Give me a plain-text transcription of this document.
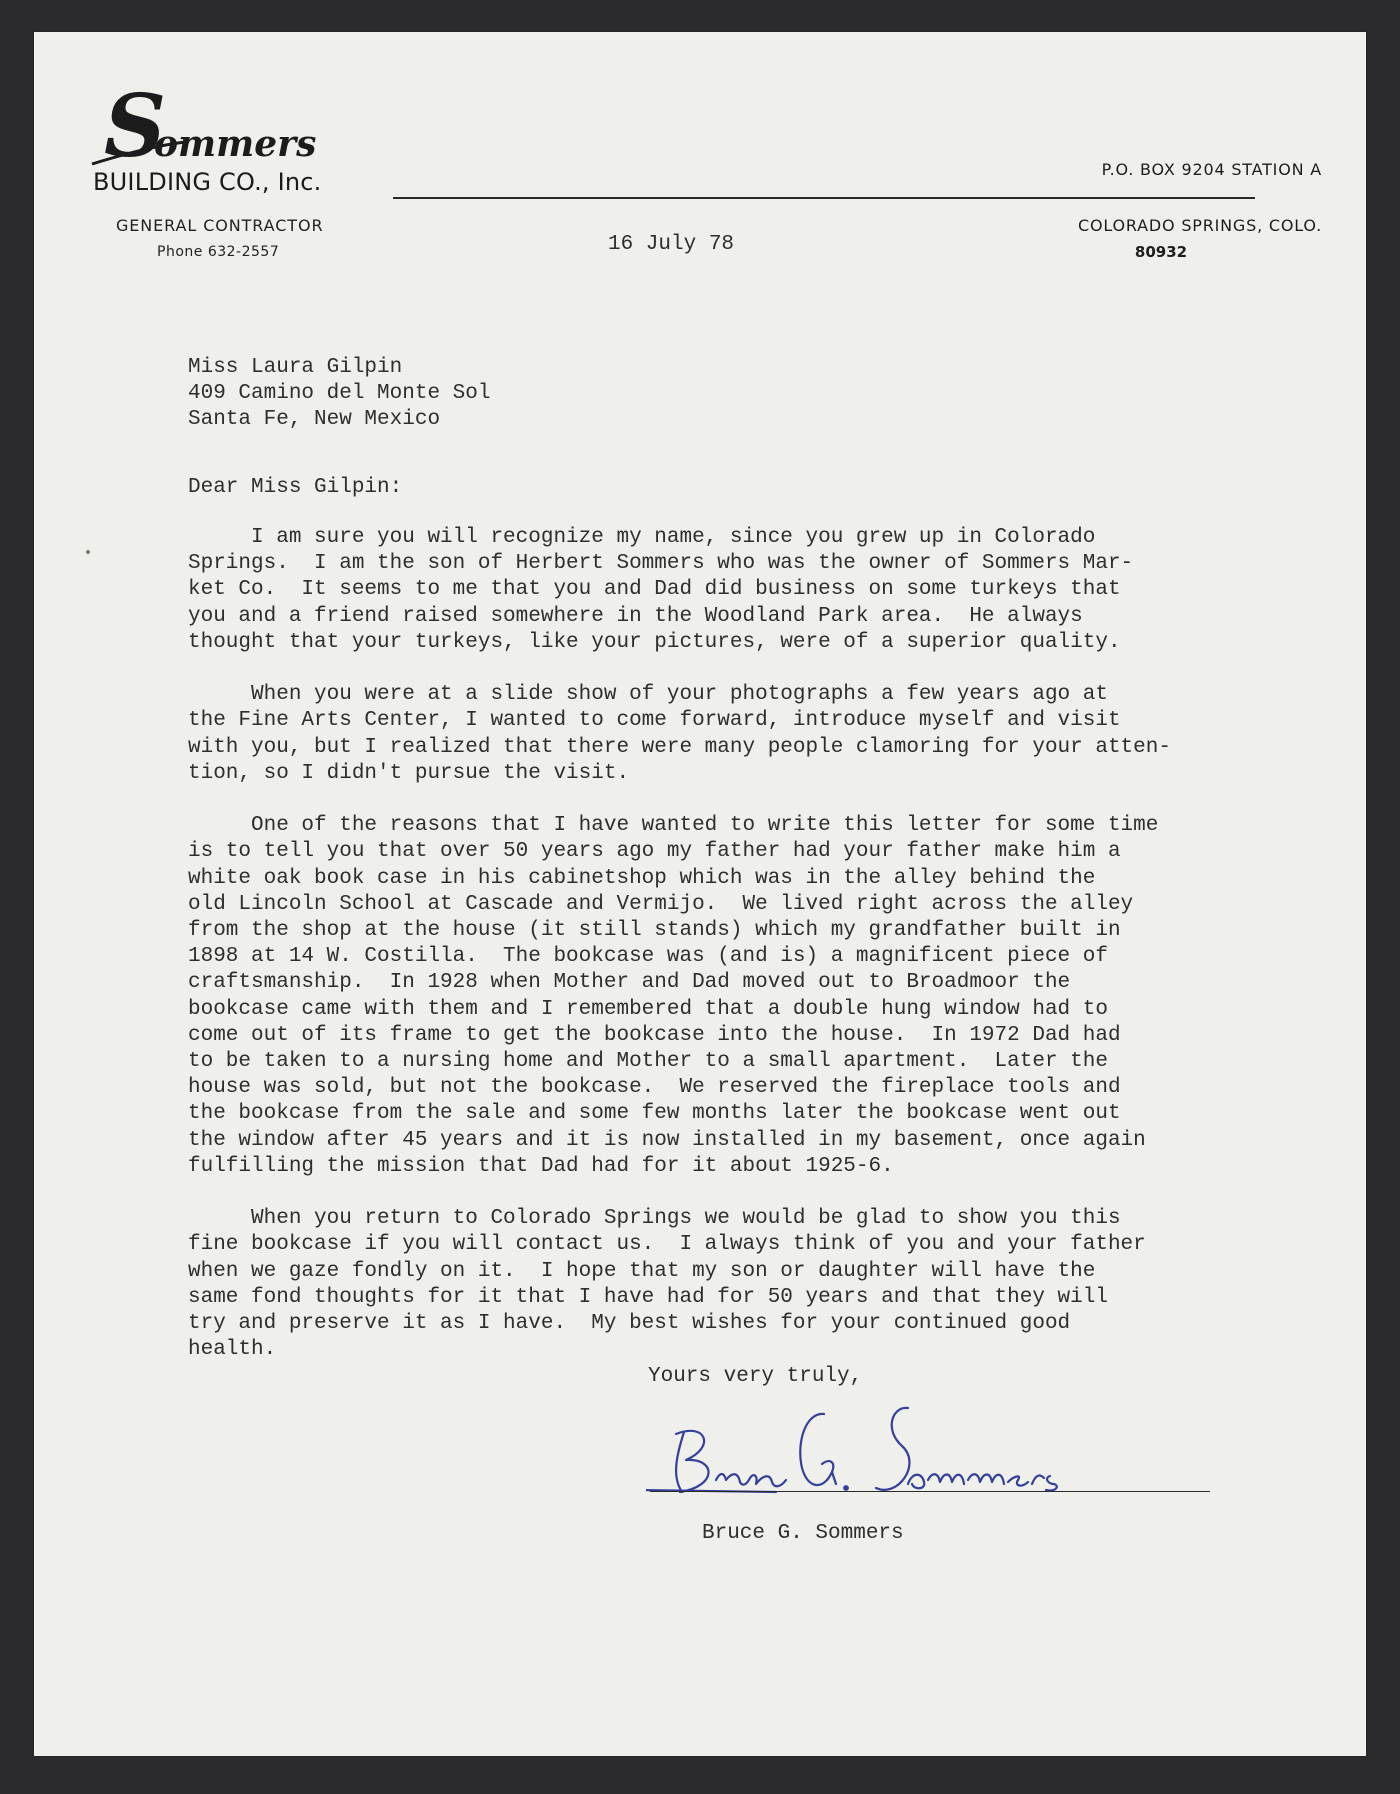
S
ommers
BUILDING CO., Inc.
GENERAL CONTRACTOR
Phone 632-2557
P.O. BOX 9204 STATION A
COLORADO SPRINGS, COLO.
80932
16 July 78
Miss Laura Gilpin
409 Camino del Monte Sol
Santa Fe, New Mexico
Dear Miss Gilpin:
I am sure you will recognize my name, since you grew up in Colorado
Springs.  I am the son of Herbert Sommers who was the owner of Sommers Mar-
ket Co.  It seems to me that you and Dad did business on some turkeys that
you and a friend raised somewhere in the Woodland Park area.  He always
thought that your turkeys, like your pictures, were of a superior quality.
When you were at a slide show of your photographs a few years ago at
the Fine Arts Center, I wanted to come forward, introduce myself and visit
with you, but I realized that there were many people clamoring for your atten-
tion, so I didn't pursue the visit.
One of the reasons that I have wanted to write this letter for some time
is to tell you that over 50 years ago my father had your father make him a
white oak book case in his cabinetshop which was in the alley behind the
old Lincoln School at Cascade and Vermijo.  We lived right across the alley
from the shop at the house (it still stands) which my grandfather built in
1898 at 14 W. Costilla.  The bookcase was (and is) a magnificent piece of
craftsmanship.  In 1928 when Mother and Dad moved out to Broadmoor the
bookcase came with them and I remembered that a double hung window had to
come out of its frame to get the bookcase into the house.  In 1972 Dad had
to be taken to a nursing home and Mother to a small apartment.  Later the
house was sold, but not the bookcase.  We reserved the fireplace tools and
the bookcase from the sale and some few months later the bookcase went out
the window after 45 years and it is now installed in my basement, once again
fulfilling the mission that Dad had for it about 1925-6.
When you return to Colorado Springs we would be glad to show you this
fine bookcase if you will contact us.  I always think of you and your father
when we gaze fondly on it.  I hope that my son or daughter will have the
same fond thoughts for it that I have had for 50 years and that they will
try and preserve it as I have.  My best wishes for your continued good
health.
Yours very truly,
Bruce G. Sommers
